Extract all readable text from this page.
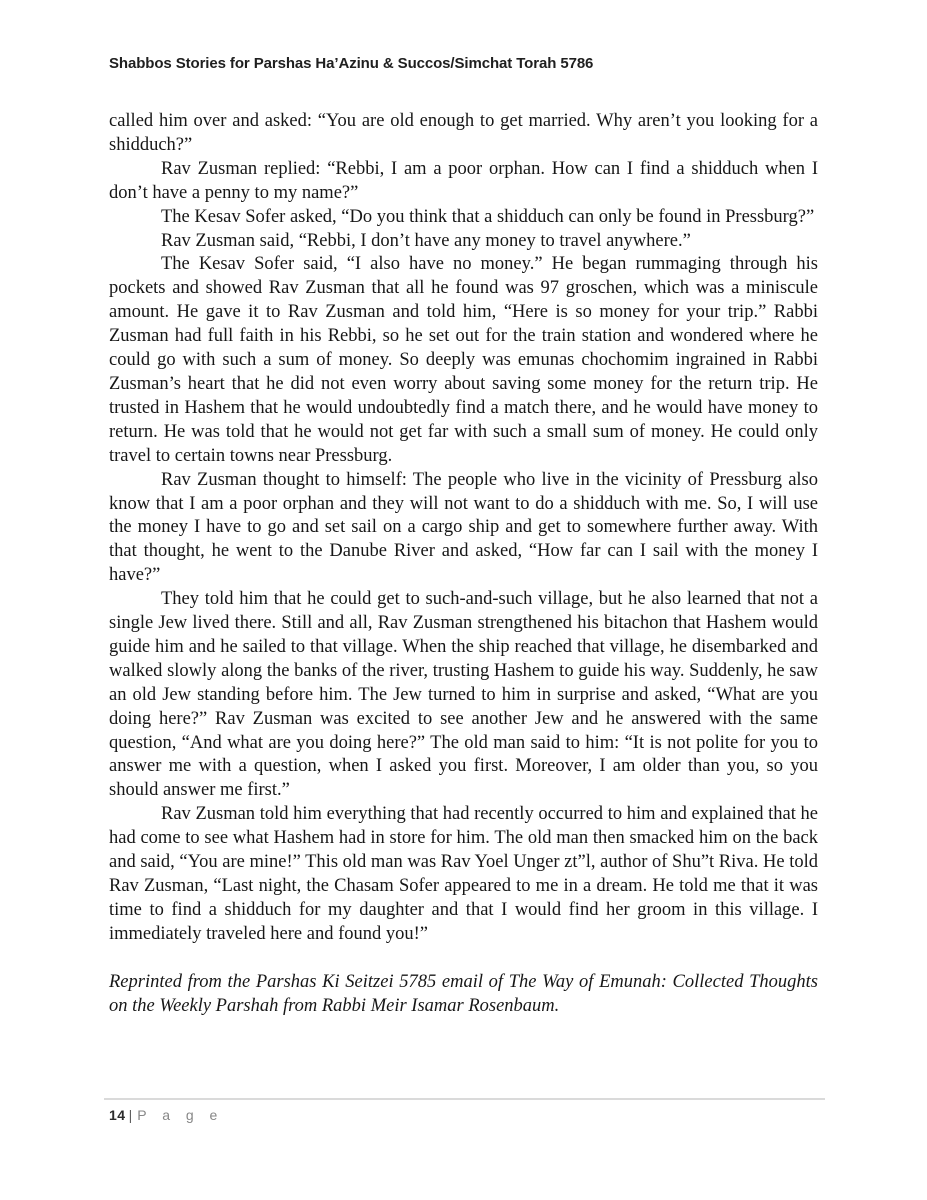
Shabbos Stories for Parshas Ha’Azinu & Succos/Simchat Torah 5786

called him over and asked: “You are old enough to get married. Why aren’t you looking for a shidduch?”

Rav Zusman replied: “Rebbi, I am a poor orphan. How can I find a shidduch when I don’t have a penny to my name?”

The Kesav Sofer asked, “Do you think that a shidduch can only be found in Pressburg?”

Rav Zusman said, “Rebbi, I don’t have any money to travel anywhere.”

The Kesav Sofer said, “I also have no money.” He began rummaging through his pockets and showed Rav Zusman that all he found was 97 groschen, which was a miniscule amount. He gave it to Rav Zusman and told him, “Here is so money for your trip.” Rabbi Zusman had full faith in his Rebbi, so he set out for the train station and wondered where he could go with such a sum of money. So deeply was emunas chochomim ingrained in Rabbi Zusman’s heart that he did not even worry about saving some money for the return trip. He trusted in Hashem that he would undoubtedly find a match there, and he would have money to return. He was told that he would not get far with such a small sum of money. He could only travel to certain towns near Pressburg.

Rav Zusman thought to himself: The people who live in the vicinity of Pressburg also know that I am a poor orphan and they will not want to do a shidduch with me. So, I will use the money I have to go and set sail on a cargo ship and get to somewhere further away. With that thought, he went to the Danube River and asked, “How far can I sail with the money I have?”

They told him that he could get to such-and-such village, but he also learned that not a single Jew lived there. Still and all, Rav Zusman strengthened his bitachon that Hashem would guide him and he sailed to that village. When the ship reached that village, he disembarked and walked slowly along the banks of the river, trusting Hashem to guide his way. Suddenly, he saw an old Jew standing before him. The Jew turned to him in surprise and asked, “What are you doing here?” Rav Zusman was excited to see another Jew and he answered with the same question, “And what are you doing here?” The old man said to him: “It is not polite for you to answer me with a question, when I asked you first. Moreover, I am older than you, so you should answer me first.”

Rav Zusman told him everything that had recently occurred to him and explained that he had come to see what Hashem had in store for him. The old man then smacked him on the back and said, “You are mine!” This old man was Rav Yoel Unger zt”l, author of Shu”t Riva. He told Rav Zusman, “Last night, the Chasam Sofer appeared to me in a dream. He told me that it was time to find a shidduch for my daughter and that I would find her groom in this village. I immediately traveled here and found you!”

Reprinted from the Parshas Ki Seitzei 5785 email of The Way of Emunah: Collected Thoughts on the Weekly Parshah from Rabbi Meir Isamar Rosenbaum.

14 | P a g e
